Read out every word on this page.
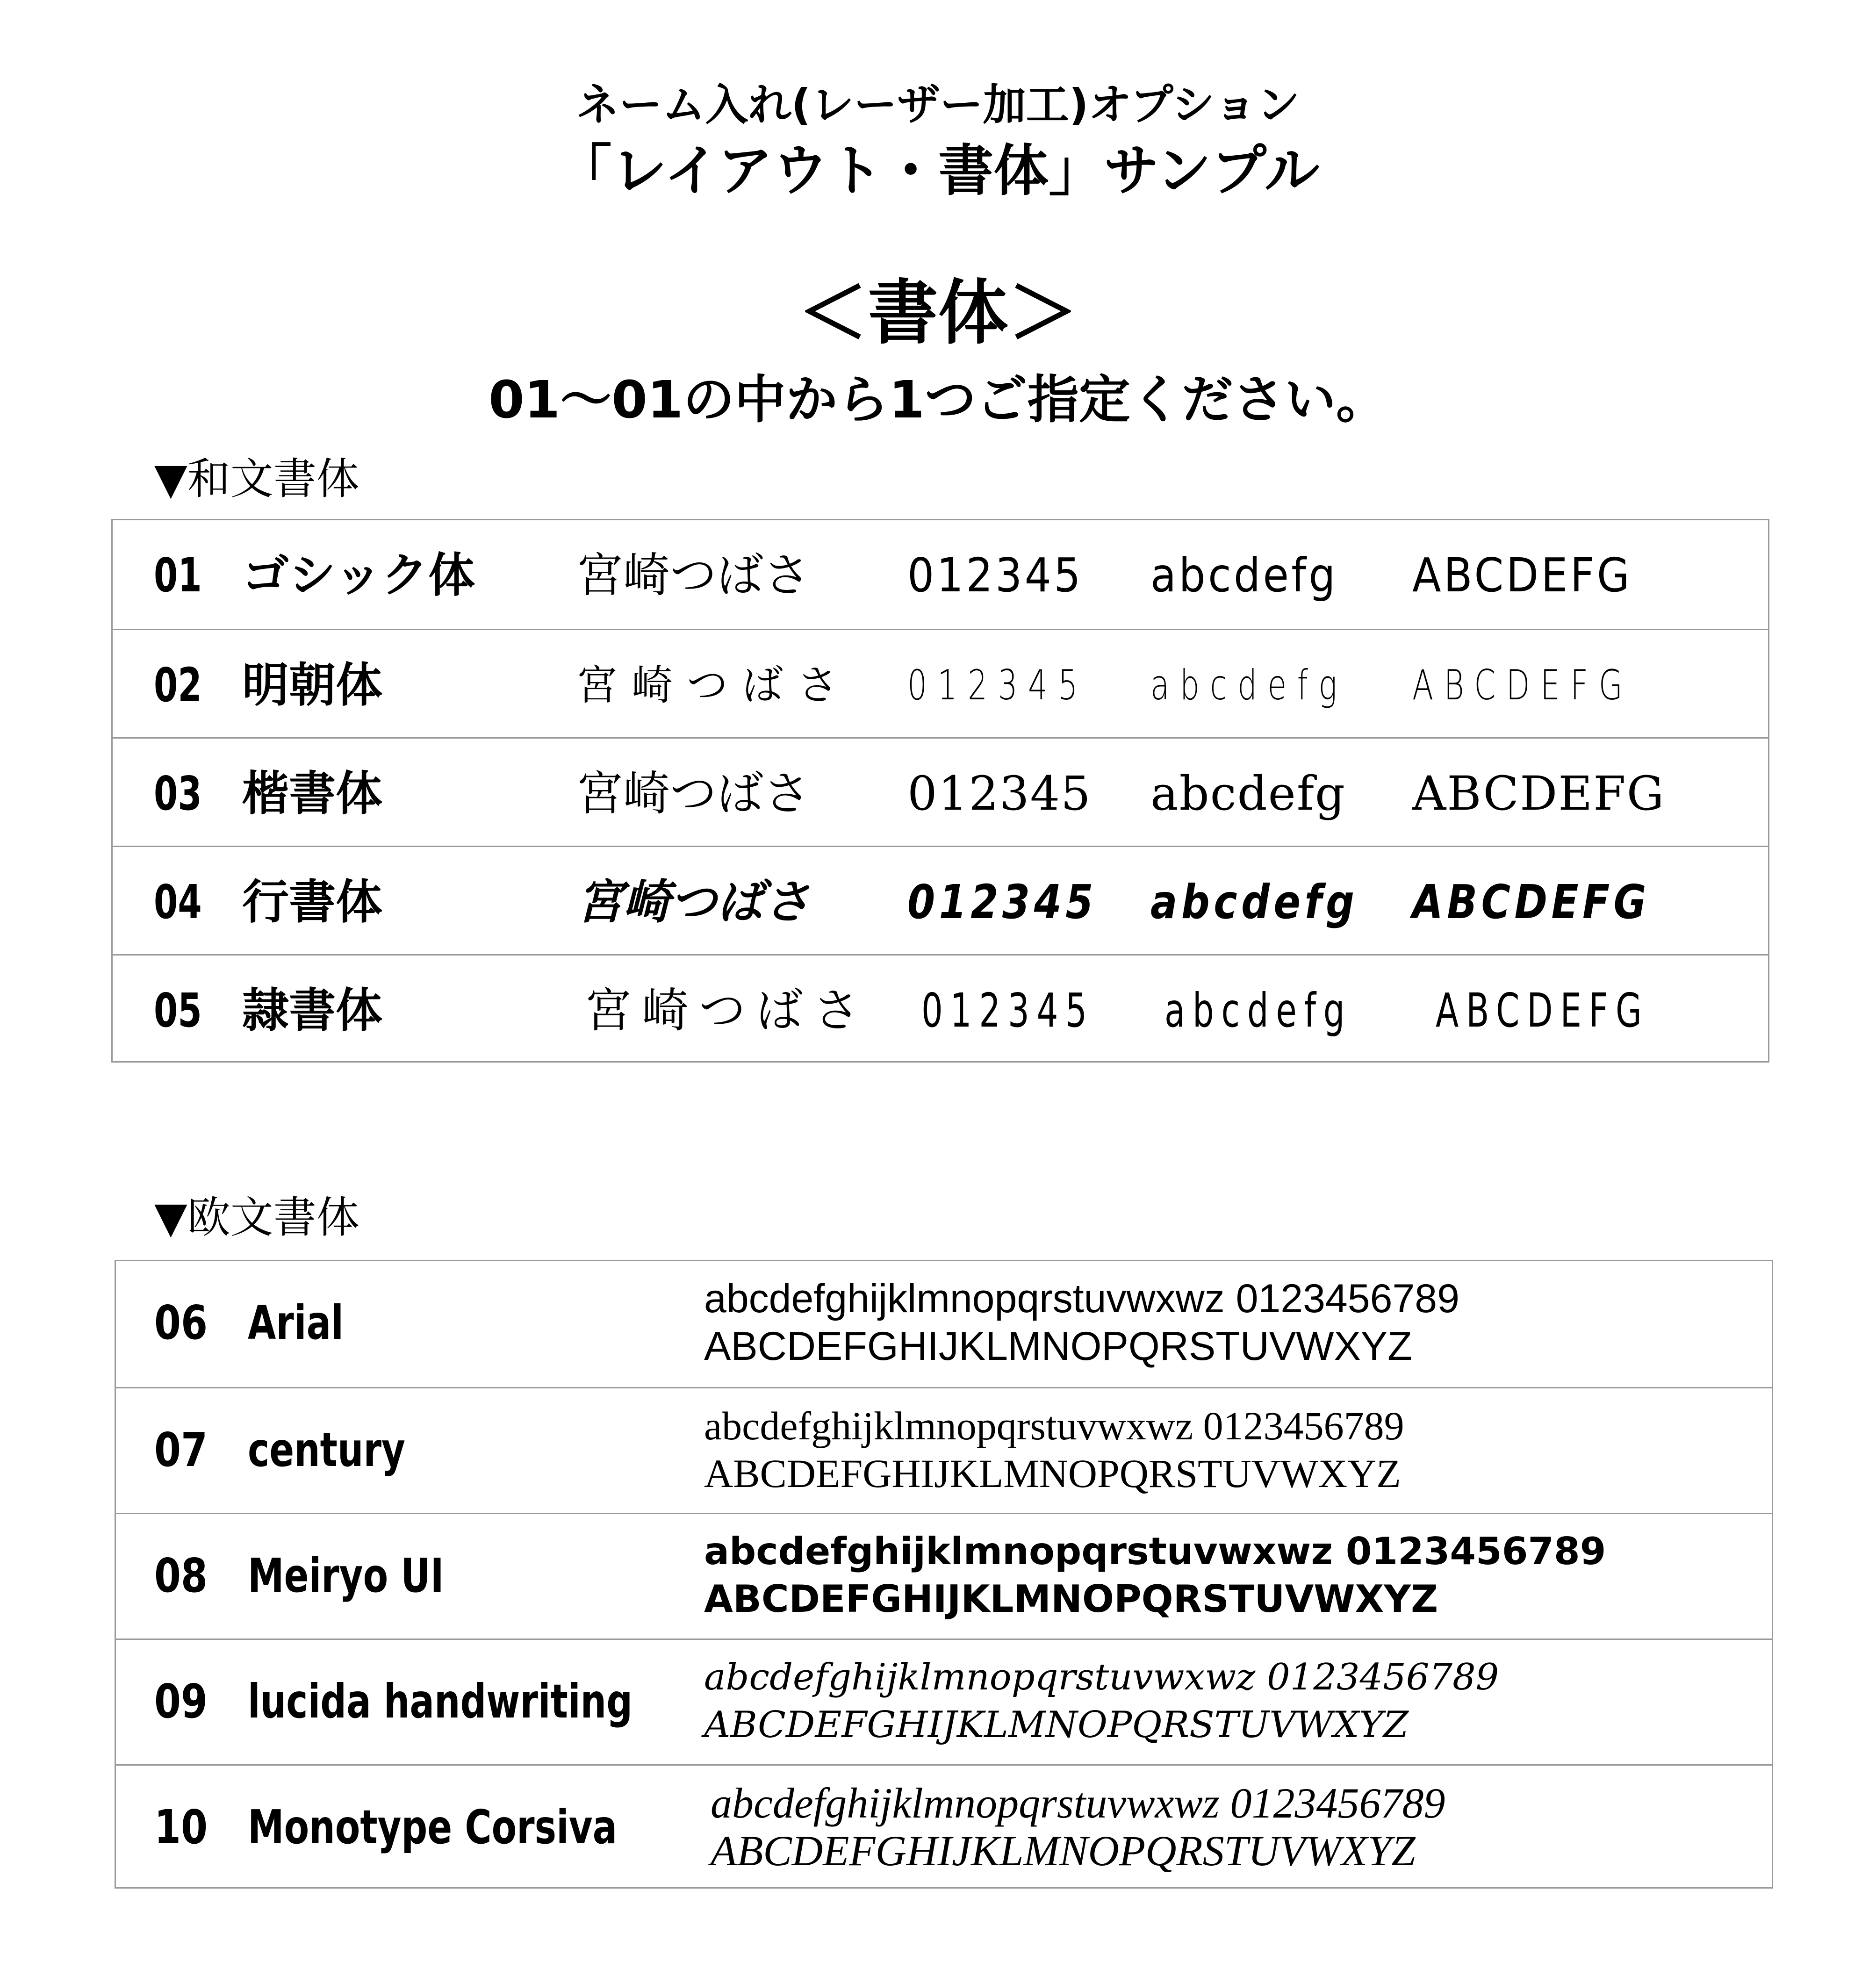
ネーム入れ(レーザー加工)オプション
「レイアウト・書体」サンプル
＜書体＞
01～01の中から1つご指定ください。
▼和文書体
01 ゴシック体 宮崎つばさ 012345 abcdefg ABCDEFG
02 明朝体	宮崎つばさ 012345 abcdefg ABCDEFG
03 楷書体	宮崎つばさ 012345 abcdefg ABCDEFG
04 行書体	宮崎つばさ 012345 abcdefg ABCDEFG
05 隷書体	宮崎つばさ 012345 abcdefg ABCDEFG
▼欧文書体
06 Arial	abcdefghijklmnopqrstuvwxwz 0123456789
ABCDEFGHIJKLMNOPQRSTUVWXYZ
07 century	abcdefghijklmnopqrstuvwxwz 0123456789
ABCDEFGHIJKLMNOPQRSTUVWXYZ
08 Meiryo UI	abcdefghijklmnopqrstuvwxwz 0123456789
ABCDEFGHIJKLMNOPQRSTUVWXYZ
09 lucida handwriting abcdefghijklmnopqrstuvwxwz 0123456789
ABCDEFGHIJKLMNOPQRSTUVWXYZ
10 Monotype Corsiva abcdefghijklmnopqrstuvwxwz 0123456789
ABCDEFGHIJKLMNOPQRSTUVWXYZ
